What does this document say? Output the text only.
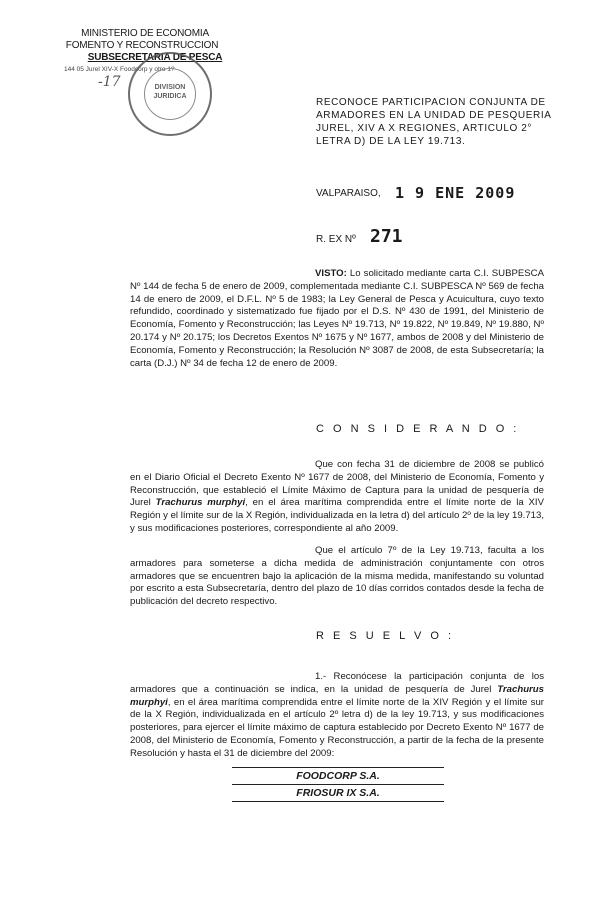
MINISTERIO DE ECONOMIA
FOMENTO Y RECONSTRUCCION
SUBSECRETARIA DE PESCA
144 05 Jurel XIV-X Foodcorp y otro 1?
-17	DIVISION
JURIDICA
RECONOCE PARTICIPACION CONJUNTA DE
ARMADORES EN LA UNIDAD DE PESQUERIA
JUREL, XIV A X REGIONES, ARTICULO 2°
LETRA D) DE LA LEY 19.713.
VALPARAISO, 1 9 ENE 2009
R. EX Nº 271
VISTO: Lo solicitado mediante carta C.I. SUBPESCA Nº 144 de fecha 5 de enero de 2009, complementada mediante C.I. SUBPESCA Nº 569 de fecha 14 de enero de 2009, el D.F.L. Nº 5 de 1983; la Ley General de Pesca y Acuicultura, cuyo texto refundido, coordinado y sistematizado fue fijado por el D.S. Nº 430 de 1991, del Ministerio de Economía, Fomento y Reconstrucción; las Leyes Nº 19.713, Nº 19.822, Nº 19.849, Nº 19.880, Nº 20.174 y Nº 20.175; los Decretos Exentos Nº 1675 y Nº 1677, ambos de 2008 y del Ministerio de Economía, Fomento y Reconstrucción; la Resolución Nº 3087 de 2008, de esta Subsecretaría; la carta (D.J.) Nº 34 de fecha 12 de enero de 2009.
C O N S I D E R A N D O :
Que con fecha 31 de diciembre de 2008 se publicó en el Diario Oficial el Decreto Exento Nº 1677 de 2008, del Ministerio de Economía, Fomento y Reconstrucción, que estableció el Límite Máximo de Captura para la unidad de pesquería de Jurel Trachurus murphyi, en el área marítima comprendida entre el límite norte de la XIV Región y el límite sur de la X Región, individualizada en la letra d) del artículo 2º de la ley 19.713, y sus modificaciones posteriores, correspondiente al año 2009.
Que el artículo 7º de la Ley 19.713, faculta a los armadores para someterse a dicha medida de administración conjuntamente con otros armadores que se encuentren bajo la aplicación de la misma medida, manifestando su voluntad por escrito a esta Subsecretaría, dentro del plazo de 10 días corridos contados desde la fecha de publicación del decreto respectivo.
R E S U E L V O :
1.- Reconócese la participación conjunta de los armadores que a continuación se indica, en la unidad de pesquería de Jurel Trachurus murphyi, en el área marítima comprendida entre el límite norte de la XIV Región y el límite sur de la X Región, individualizada en el artículo 2º letra d) de la ley 19.713, y sus modificaciones posteriores, para ejercer el límite máximo de captura establecido por Decreto Exento Nº 1677 de 2008, del Ministerio de Economía, Fomento y Reconstrucción, a partir de la fecha de la presente Resolución y hasta el 31 de diciembre del 2009:
FOODCORP S.A.
FRIOSUR IX S.A.
